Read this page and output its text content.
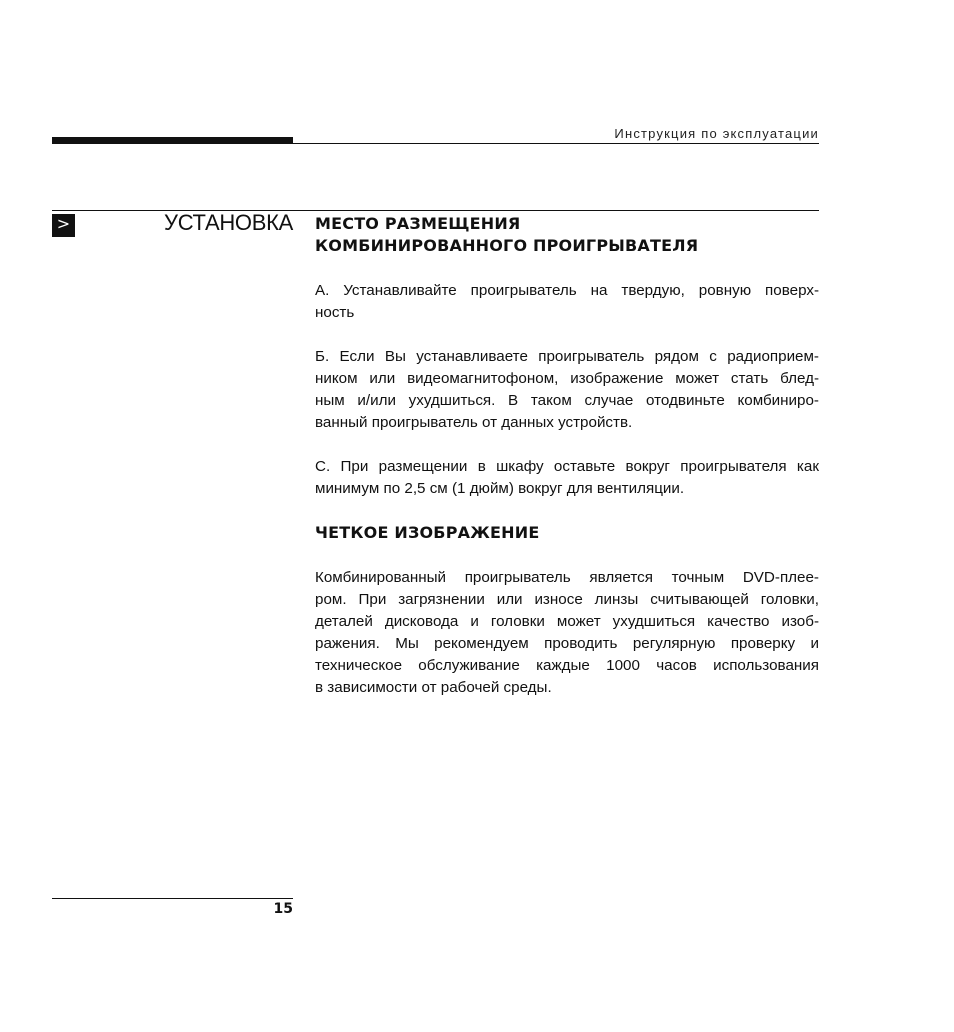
Инструкция по эксплуатации
>	УСТАНОВКА МЕСТО РАЗМЕЩЕНИЯ
КОМБИНИРОВАННОГО ПРОИГРЫВАТЕЛЯ

А. Устанавливайте проигрыватель на твердую, ровную поверх-
ность

Б. Если Вы устанавливаете проигрыватель рядом с радиоприем-
ником или видеомагнитофоном, изображение может стать блед-
ным и/или ухудшиться. В таком случае отодвиньте комбиниро-
ванный проигрыватель от данных устройств.

С. При размещении в шкафу оставьте вокруг проигрывателя как
минимум по 2,5 см (1 дюйм) вокруг для вентиляции.

ЧЕТКОЕ ИЗОБРАЖЕНИЕ

Комбинированный проигрыватель является точным DVD-плее-
ром. При загрязнении или износе линзы считывающей головки,
деталей дисковода и головки может ухудшиться качество изоб-
ражения. Мы рекомендуем проводить регулярную проверку и
техническое обслуживание каждые 1000 часов использования
в зависимости от рабочей среды.

15
